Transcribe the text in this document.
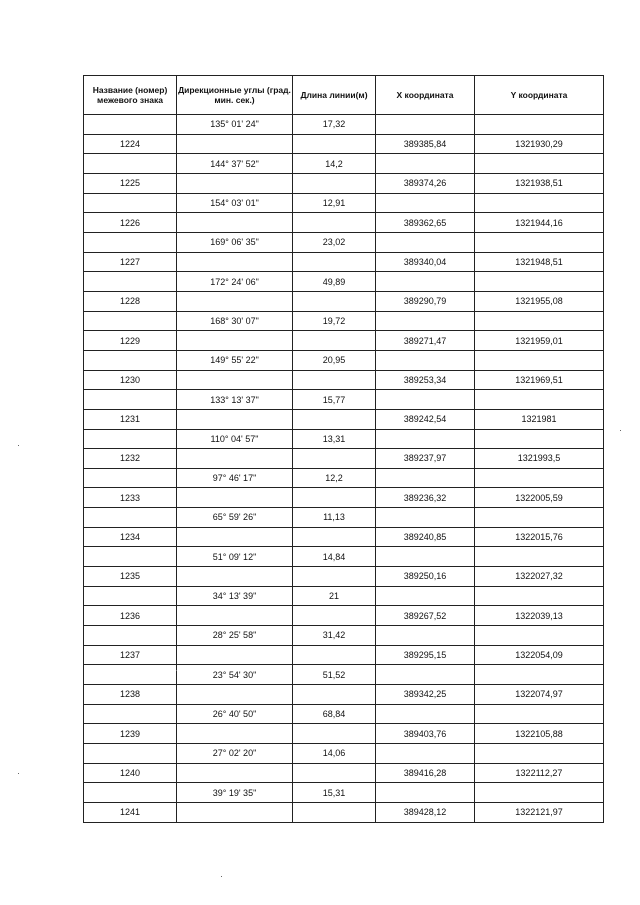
Название (номер) межевого знака	Дирекционные углы (град. мин. сек.)	Длина линии(м)	X координата	Y координата
	135° 01' 24"	17,32		
1224			389385,84	1321930,29
	144° 37' 52"	14,2		
1225			389374,26	1321938,51
	154° 03' 01"	12,91		
1226			389362,65	1321944,16
	169° 06' 35"	23,02		
1227			389340,04	1321948,51
	172° 24' 06"	49,89		
1228			389290,79	1321955,08
	168° 30' 07"	19,72		
1229			389271,47	1321959,01
	149° 55' 22"	20,95		
1230			389253,34	1321969,51
	133° 13' 37"	15,77		
1231			389242,54	1321981
	110° 04' 57"	13,31		
1232			389237,97	1321993,5
	97° 46' 17"	12,2		
1233			389236,32	1322005,59
	65° 59' 26"	11,13		
1234			389240,85	1322015,76
	51° 09' 12"	14,84		
1235			389250,16	1322027,32
	34° 13' 39"	21		
1236			389267,52	1322039,13
	28° 25' 58"	31,42		
1237			389295,15	1322054,09
	23° 54' 30"	51,52		
1238			389342,25	1322074,97
	26° 40' 50"	68,84		
1239			389403,76	1322105,88
	27° 02' 20"	14,06		
1240			389416,28	1322112,27
	39° 19' 35"	15,31		
1241			389428,12	1322121,97
